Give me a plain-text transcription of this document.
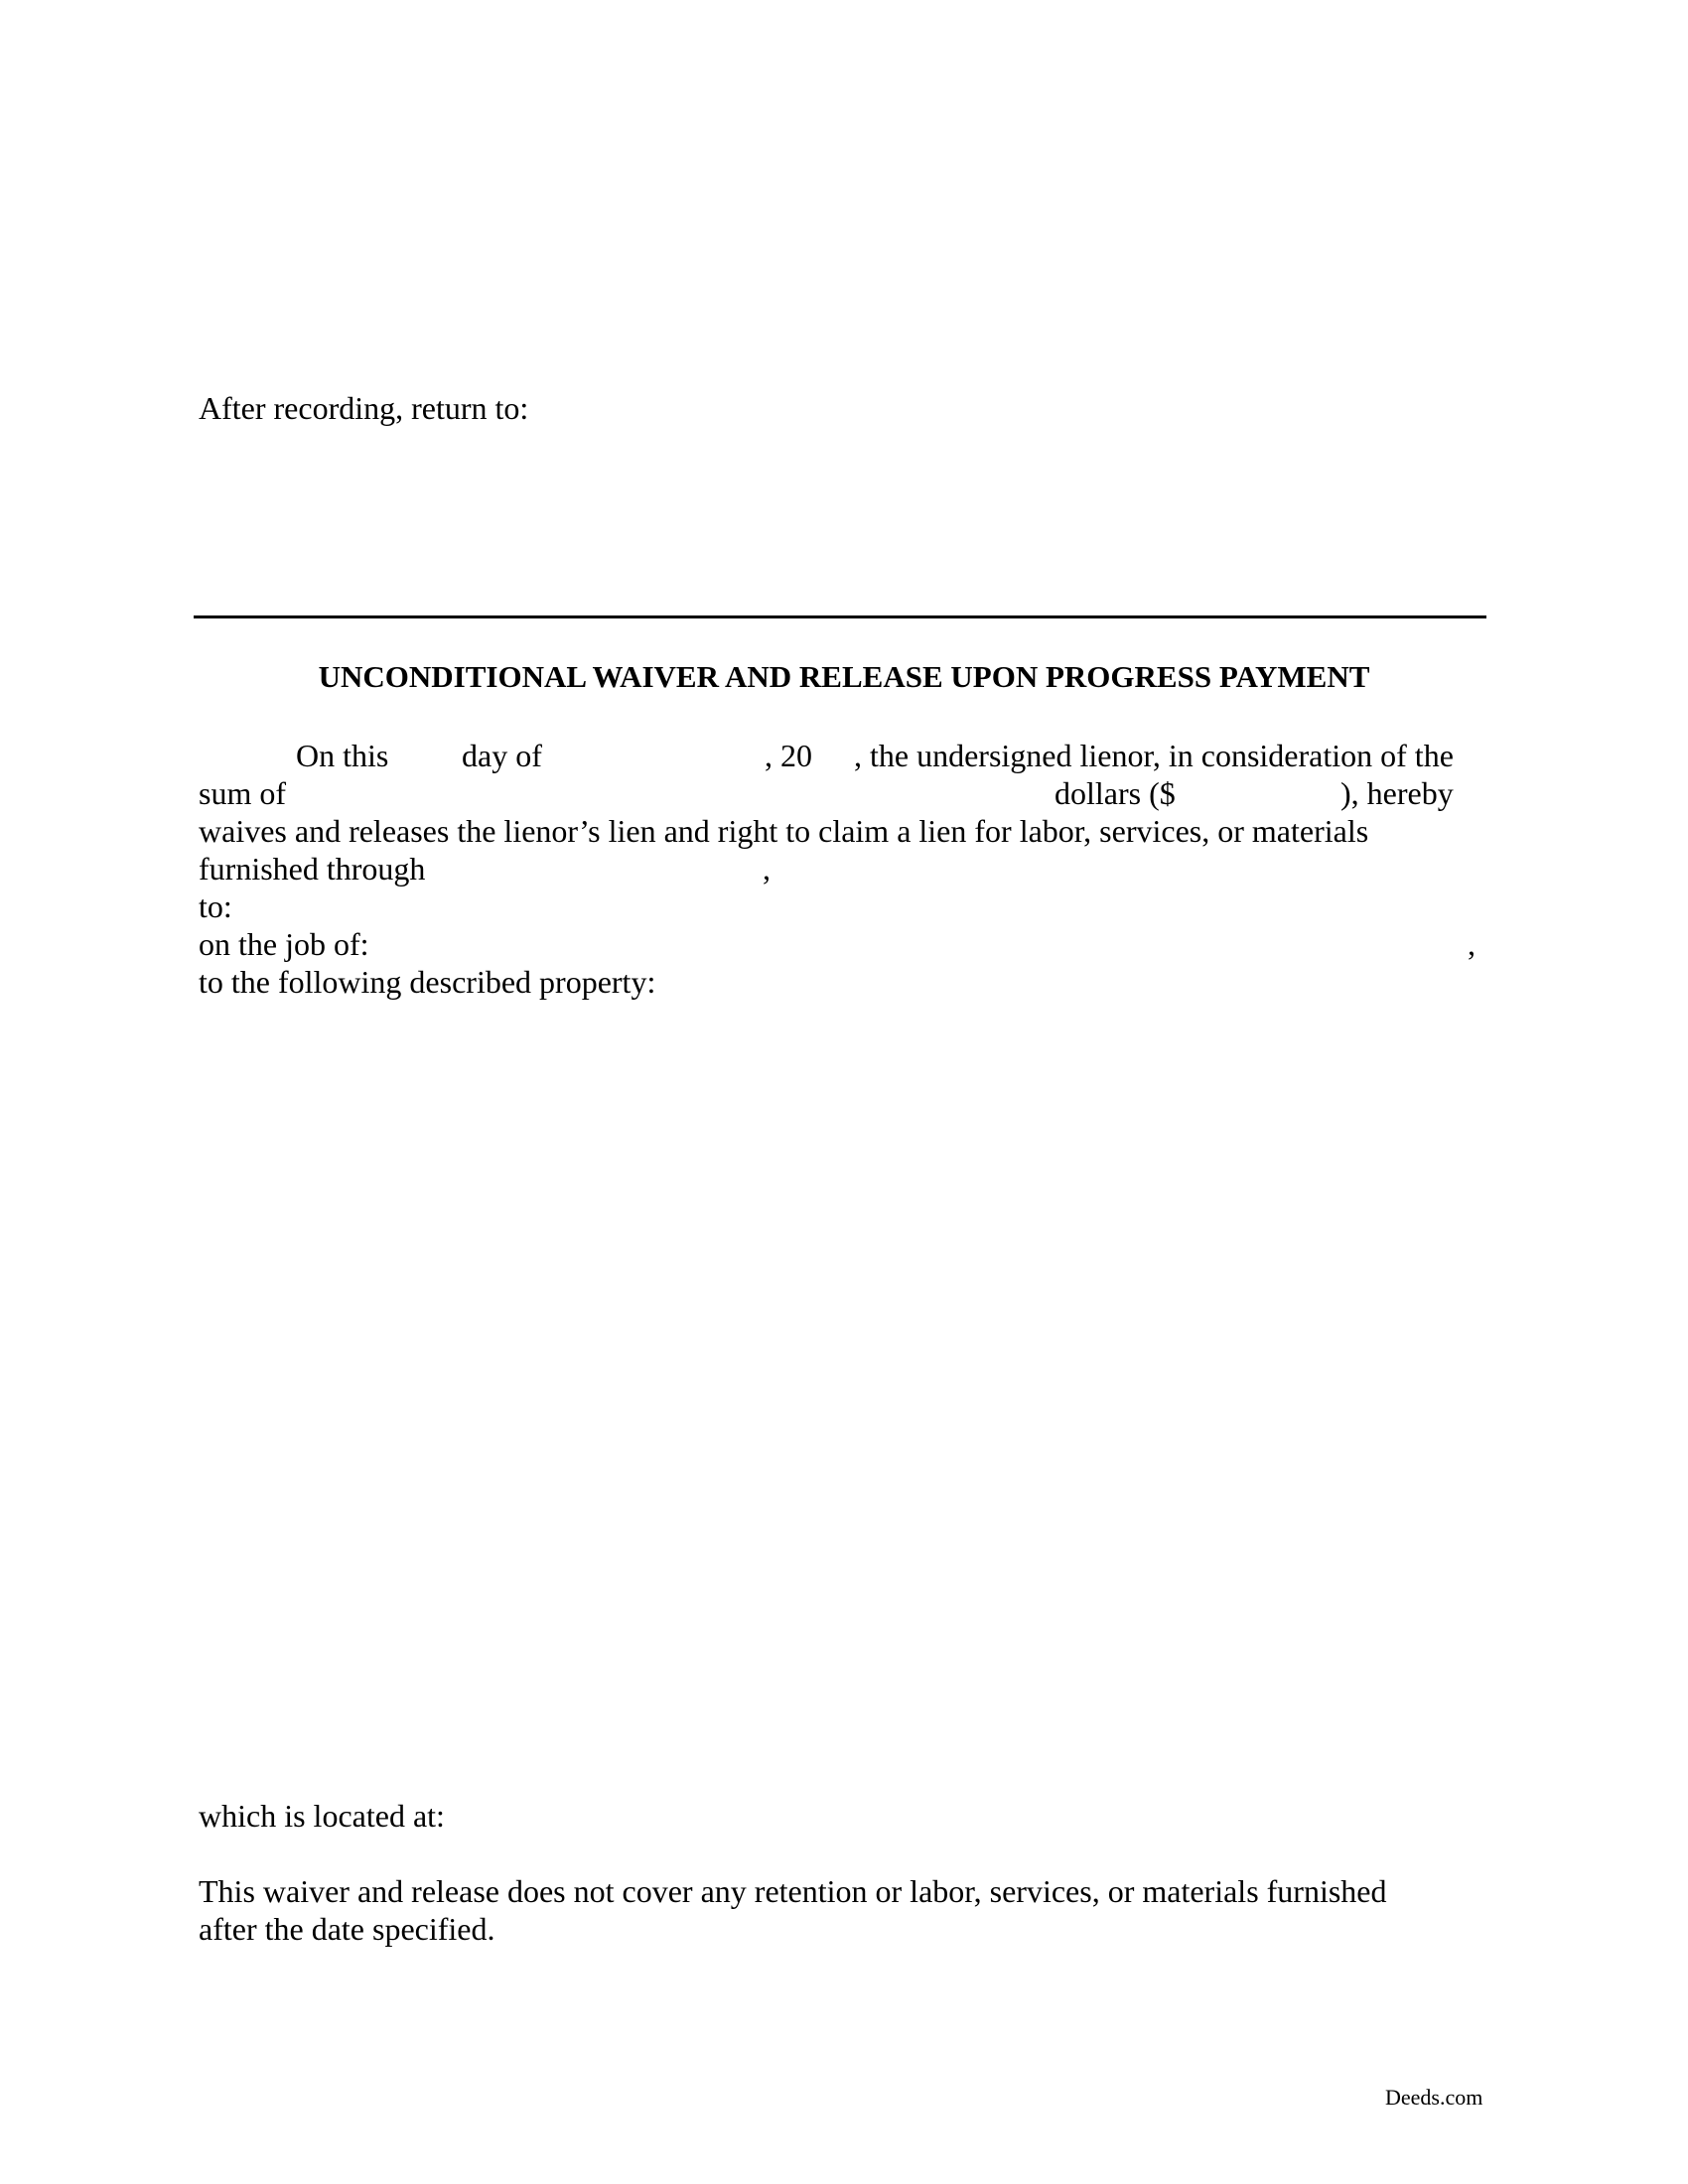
After recording, return to:
UNCONDITIONAL WAIVER AND RELEASE UPON PROGRESS PAYMENT
On this day of	, 20 , the undersigned lienor, in consideration of the
sum of	dollars ($	), hereby
waives and releases the lienor’s lien and right to claim a lien for labor, services, or materials
furnished through	,
to:
on the job of:	,
to the following described property:
which is located at:
This waiver and release does not cover any retention or labor, services, or materials furnished
after the date specified.
Deeds.com
